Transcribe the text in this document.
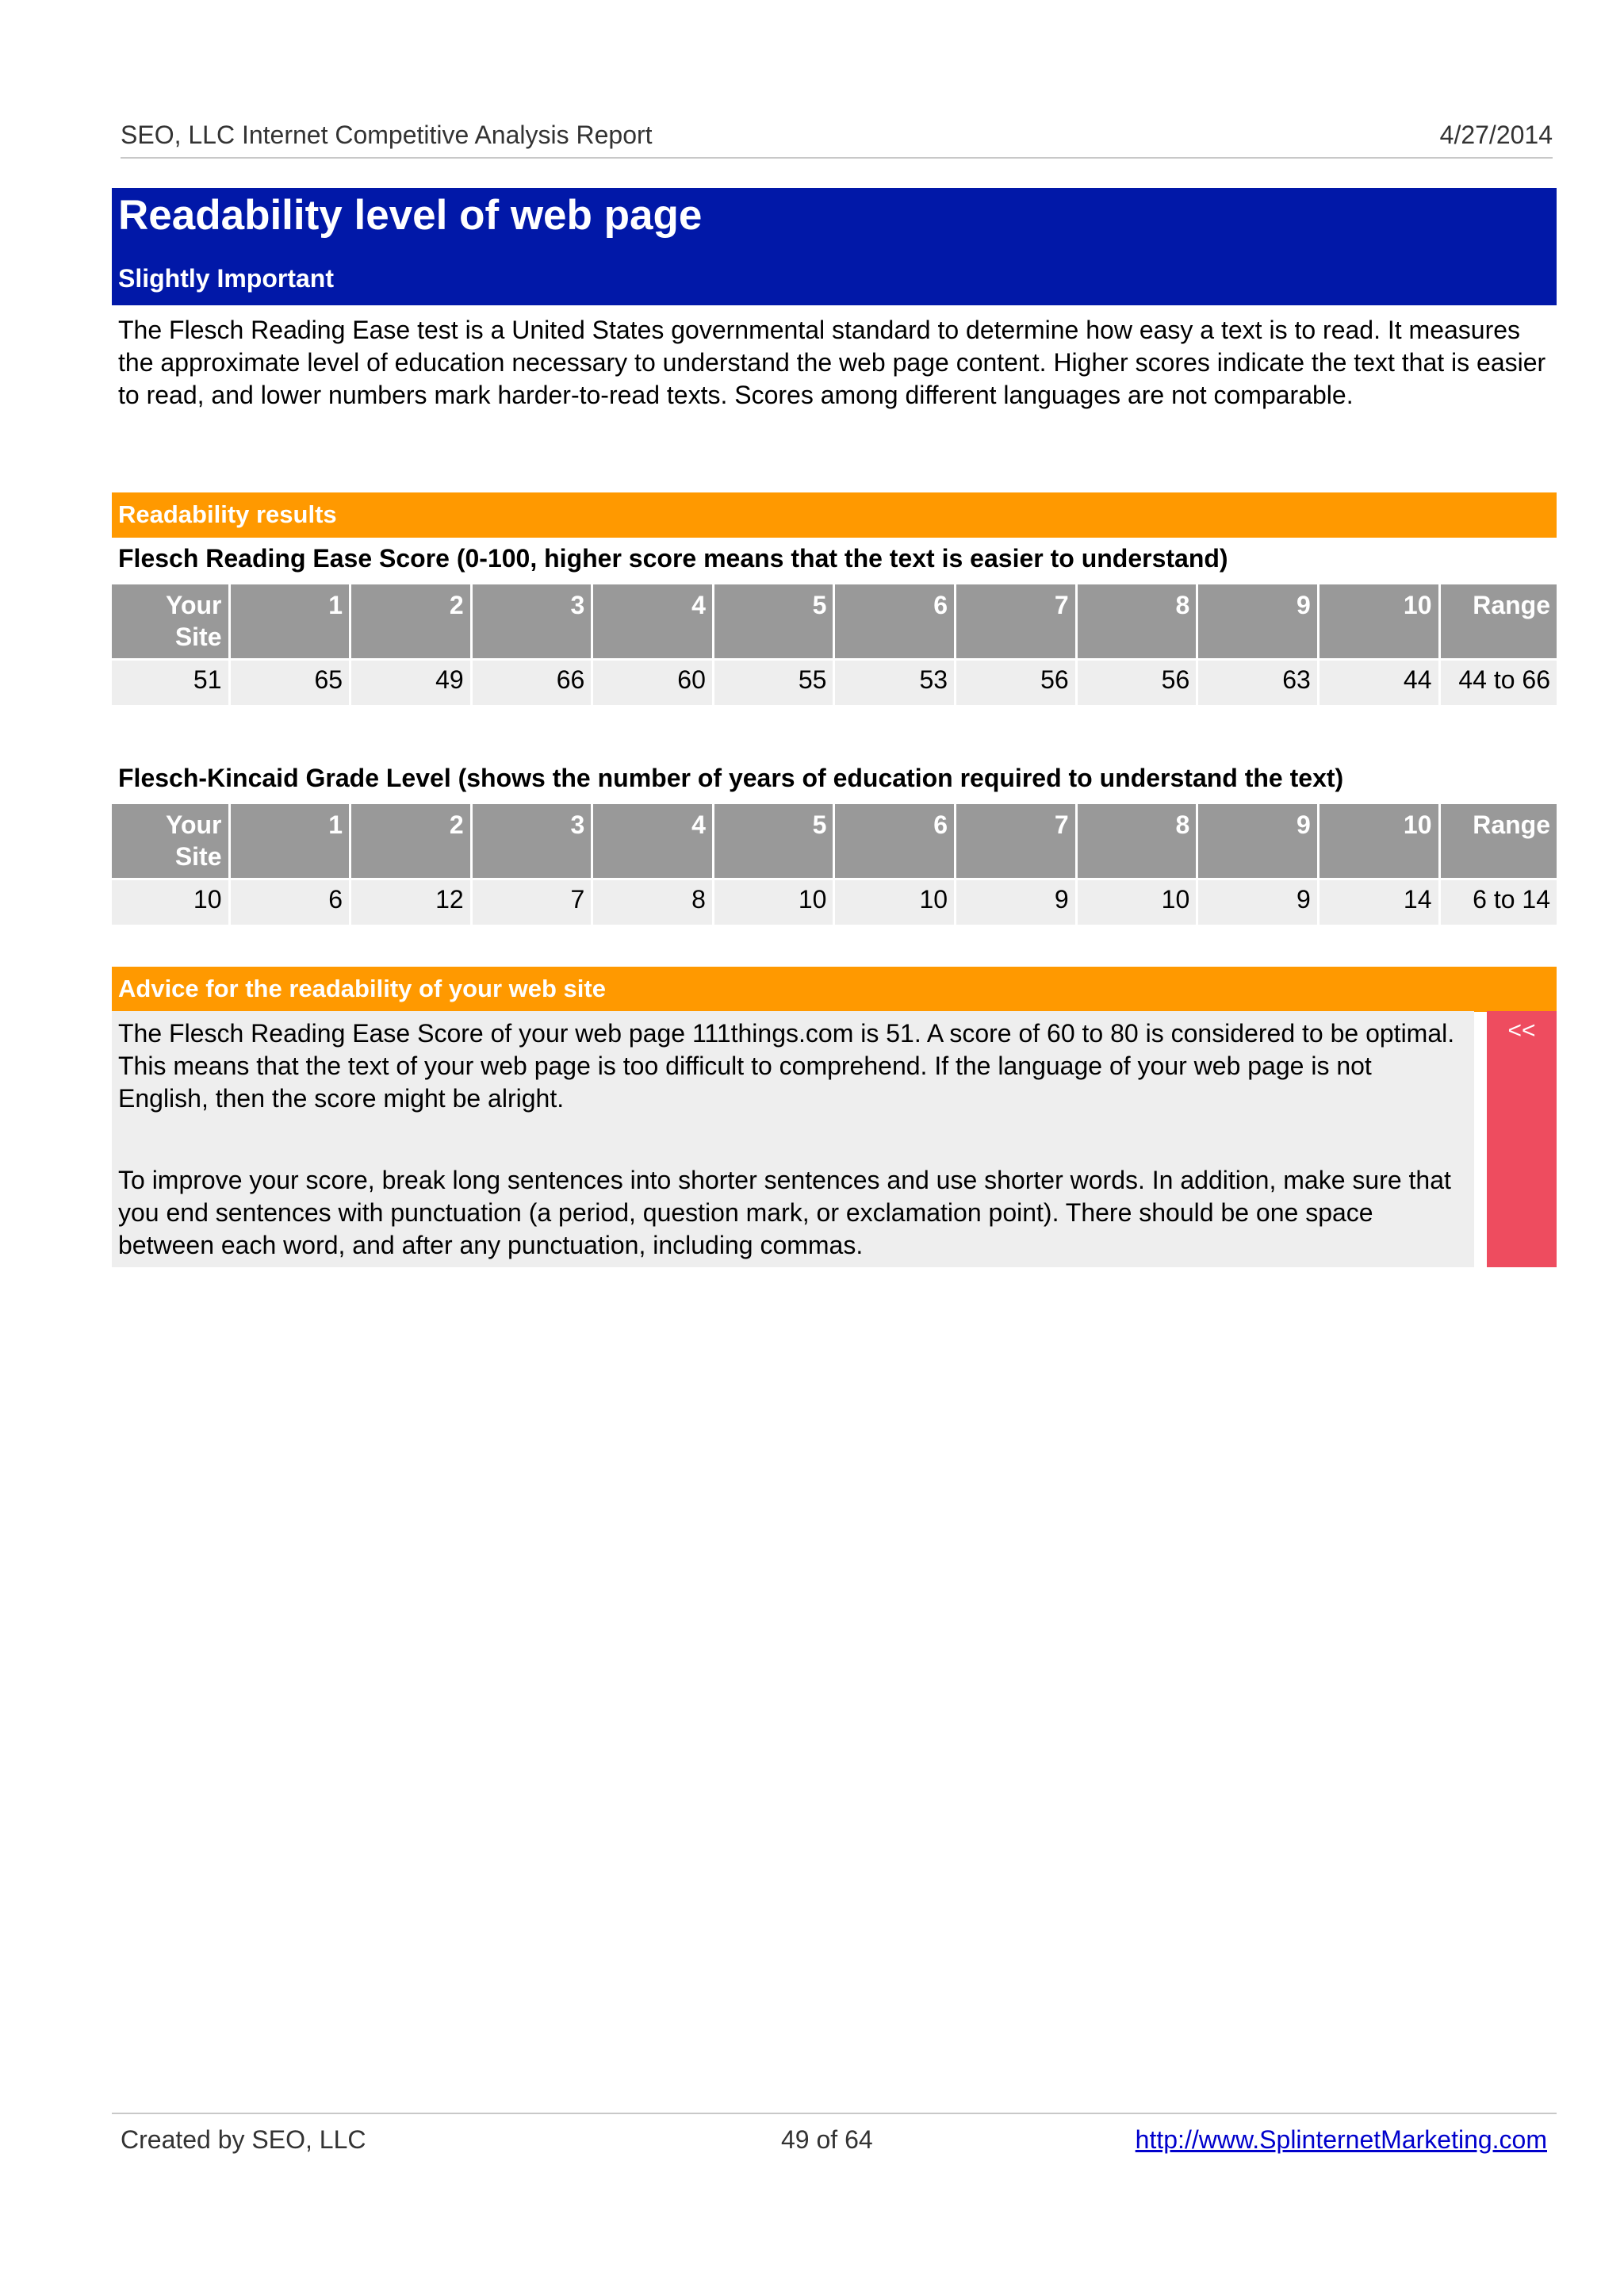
SEO, LLC Internet Competitive Analysis Report	4/27/2014
Readability level of web page
Slightly Important
The Flesch Reading Ease test is a United States governmental standard to determine how easy a text is to read. It measures the approximate level of education necessary to understand the web page content. Higher scores indicate the text that is easier to read, and lower numbers mark harder-to-read texts. Scores among different languages are not comparable.
Readability results
Flesch Reading Ease Score (0-100, higher score means that the text is easier to understand)
Your Site	1	2	3	4	5	6	7	8	9	10	Range
51	65	49	66	60	55	53	56	56	63	44	44 to 66
Flesch-Kincaid Grade Level (shows the number of years of education required to understand the text)
Your Site	1	2	3	4	5	6	7	8	9	10	Range
10	6	12	7	8	10	10	9	10	9	14	6 to 14
Advice for the readability of your web site

The Flesch Reading Ease Score of your web page 111things.com is 51. A score of 60 to 80 is considered to be optimal. This means that the text of your web page is too difficult to comprehend. If the language of your web page is not English, then the score might be alright.

To improve your score, break long sentences into shorter sentences and use shorter words. In addition, make sure that you end sentences with punctuation (a period, question mark, or exclamation point). There should be one space between each word, and after any punctuation, including commas.

<<
Created by SEO, LLC	49 of 64	http://www.SplinternetMarketing.com
